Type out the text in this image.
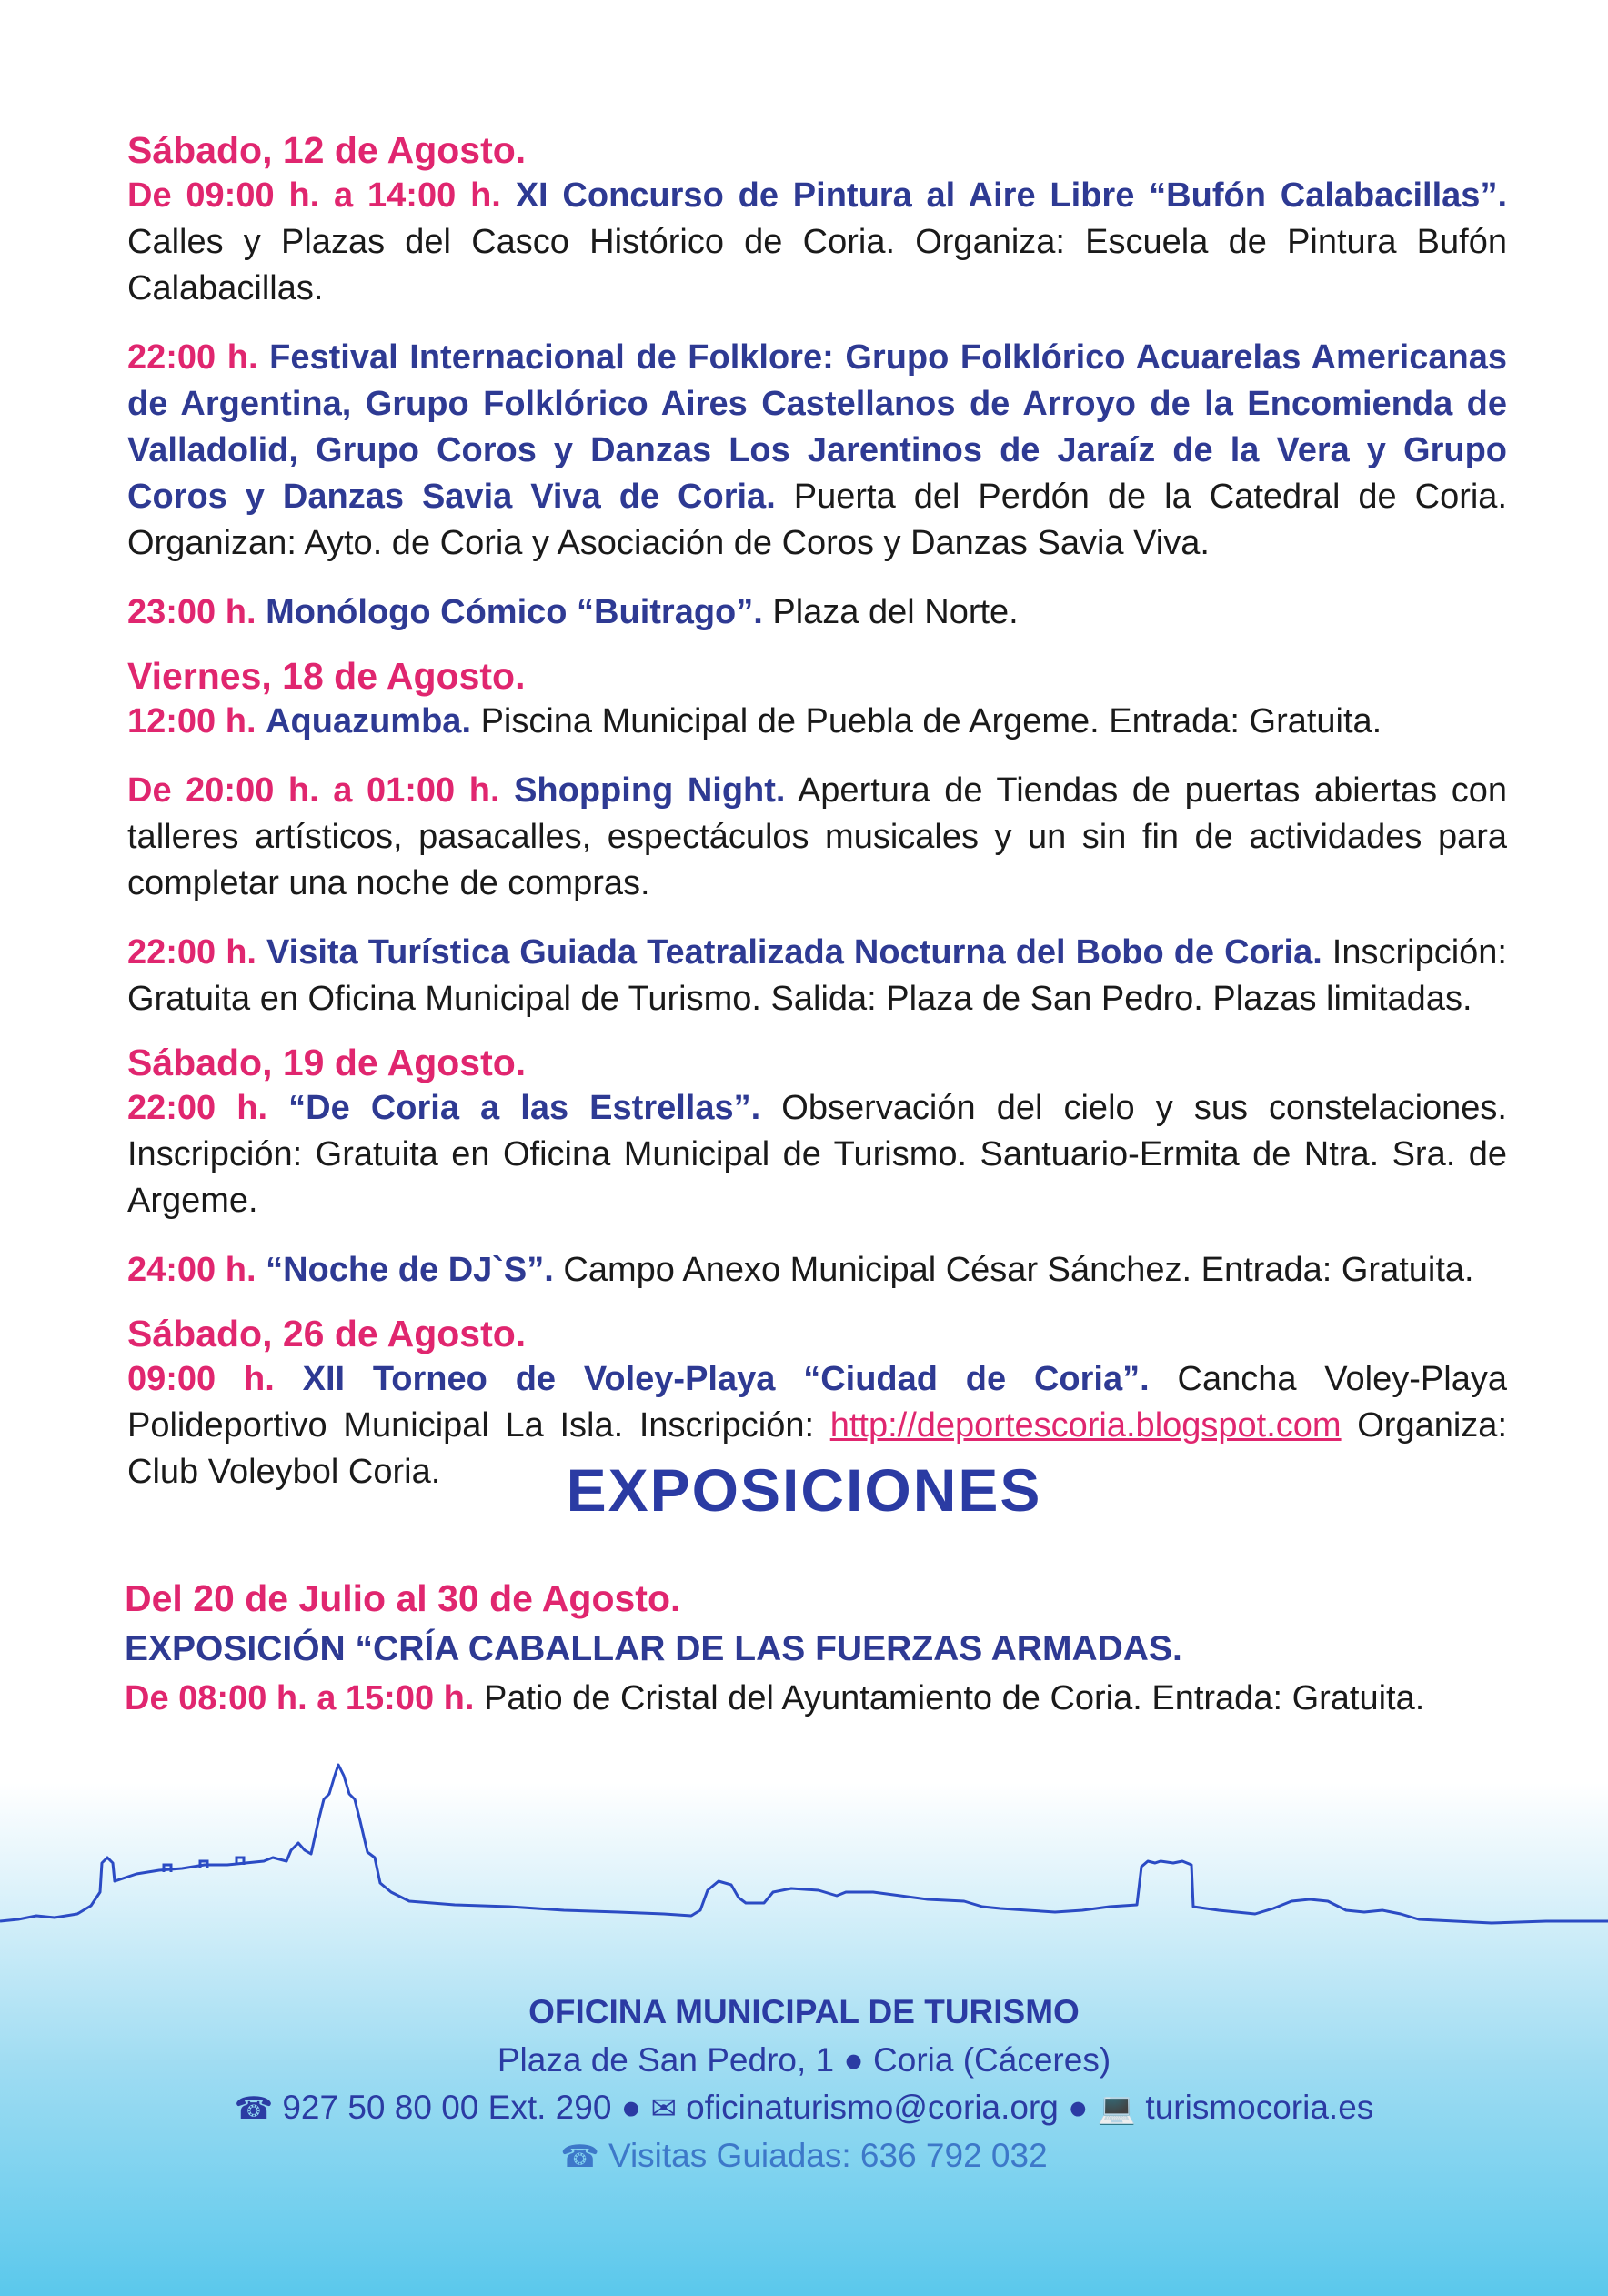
Sábado, 12 de Agosto.
De 09:00 h. a 14:00 h. XI Concurso de Pintura al Aire Libre “Bufón Calabacillas”. Calles y Plazas del Casco Histórico de Coria. Organiza: Escuela de Pintura Bufón Calabacillas.
22:00 h. Festival Internacional de Folklore: Grupo Folklórico Acuarelas Americanas de Argentina, Grupo Folklórico Aires Castellanos de Arroyo de la Encomienda de Valladolid, Grupo Coros y Danzas Los Jarentinos de Jaraíz de la Vera y Grupo Coros y Danzas Savia Viva de Coria. Puerta del Perdón de la Catedral de Coria. Organizan: Ayto. de Coria y Asociación de Coros y Danzas Savia Viva.
23:00 h. Monólogo Cómico “Buitrago”. Plaza del Norte.
Viernes, 18 de Agosto.
12:00 h. Aquazumba. Piscina Municipal de Puebla de Argeme. Entrada: Gratuita.
De 20:00 h. a 01:00 h. Shopping Night. Apertura de Tiendas de puertas abiertas con talleres artísticos, pasacalles, espectáculos musicales y un sin fin de actividades para completar una noche de compras.
22:00 h. Visita Turística Guiada Teatralizada Nocturna del Bobo de Coria. Inscripción: Gratuita en Oficina Municipal de Turismo. Salida: Plaza de San Pedro. Plazas limitadas.
Sábado, 19 de Agosto.
22:00 h. “De Coria a las Estrellas”. Observación del cielo y sus constelaciones. Inscripción: Gratuita en Oficina Municipal de Turismo. Santuario-Ermita de Ntra. Sra. de Argeme.
24:00 h. “Noche de DJ`S”. Campo Anexo Municipal César Sánchez. Entrada: Gratuita.
Sábado, 26 de Agosto.
09:00 h. XII Torneo de Voley-Playa “Ciudad de Coria”. Cancha Voley-Playa Polideportivo Municipal La Isla. Inscripción: http://deportescoria.blogspot.com Organiza: Club Voleybol Coria.	EXPOSICIONES
Del 20 de Julio al 30 de Agosto.
EXPOSICIÓN “CRÍA CABALLAR DE LAS FUERZAS ARMADAS.
De 08:00 h. a 15:00 h. Patio de Cristal del Ayuntamiento de Coria. Entrada: Gratuita.
OFICINA MUNICIPAL DE TURISMO
Plaza de San Pedro, 1 ● Coria (Cáceres)
☎ 927 50 80 00 Ext. 290 ● ✉ oficinaturismo@coria.org ● 💻 turismocoria.es
☎ Visitas Guiadas: 636 792 032
